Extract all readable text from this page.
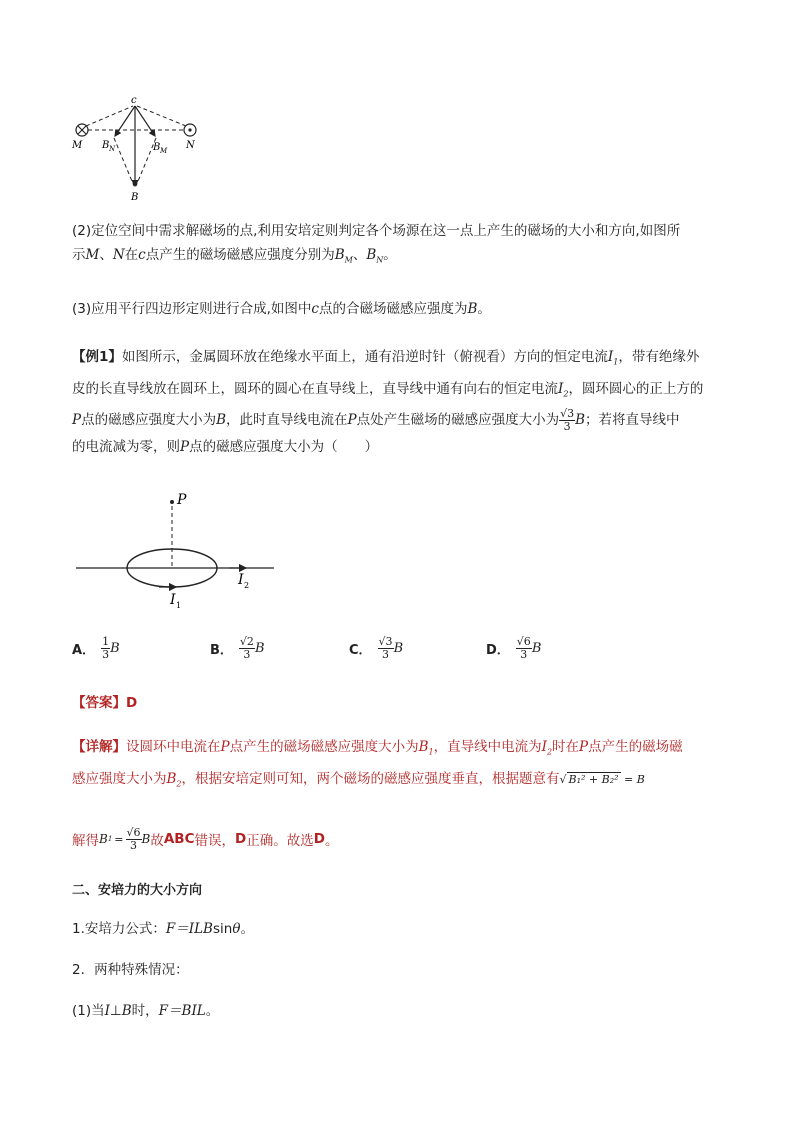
c
M	N
B N	B M
B
(2)定位空间中需求解磁场的点,利用安培定则判定各个场源在这一点上产生的磁场的大小和方向,如图所
示M、N在c点产生的磁场磁感应强度分别为$B_M$、$B_N$。
(3)应用平行四边形定则进行合成,如图中c点的合磁场磁感应强度为B。
【例1】如图所示，金属圆环放在绝缘水平面上，通有沿逆时针（俯视看）方向的恒定电流$I_1$，带有绝缘外
皮的长直导线放在圆环上，圆环的圆心在直导线上，直导线中通有向右的恒定电流$I_2$，圆环圆心的正上方的
P点的磁感应强度大小为B，此时直导线电流在P点处产生磁场的磁感应强度大小为 $\frac{√3}{3}$ B；若将直导线中
的电流减为零，则P点的磁感应强度大小为（　　）
P
I 1
I 2
A． $\frac{1}{3}$ B	B． $\frac{√2}{3}$ B	C． $\frac{√3}{3}$ B	D． $\frac{√6}{3}$ B
【答案】D
【详解】设圆环中电流在P点产生的磁场磁感应强度大小为$B_1$，直导线中电流为$I_2$时在P点产生的磁场磁
感应强度大小为$B_2$，根据安培定则可知，两个磁场的磁感应强度垂直，根据题意有√ B₁² + B₂² = B
解得 B $1 = \frac{√6}{3}$ B 故 ABC 错误， D 正确。故选 D 。
二、安培力的大小方向
1.安培力公式：F＝ILBsinθ。
2．两种特殊情况：
(1)当I⊥B时，F＝BIL。
